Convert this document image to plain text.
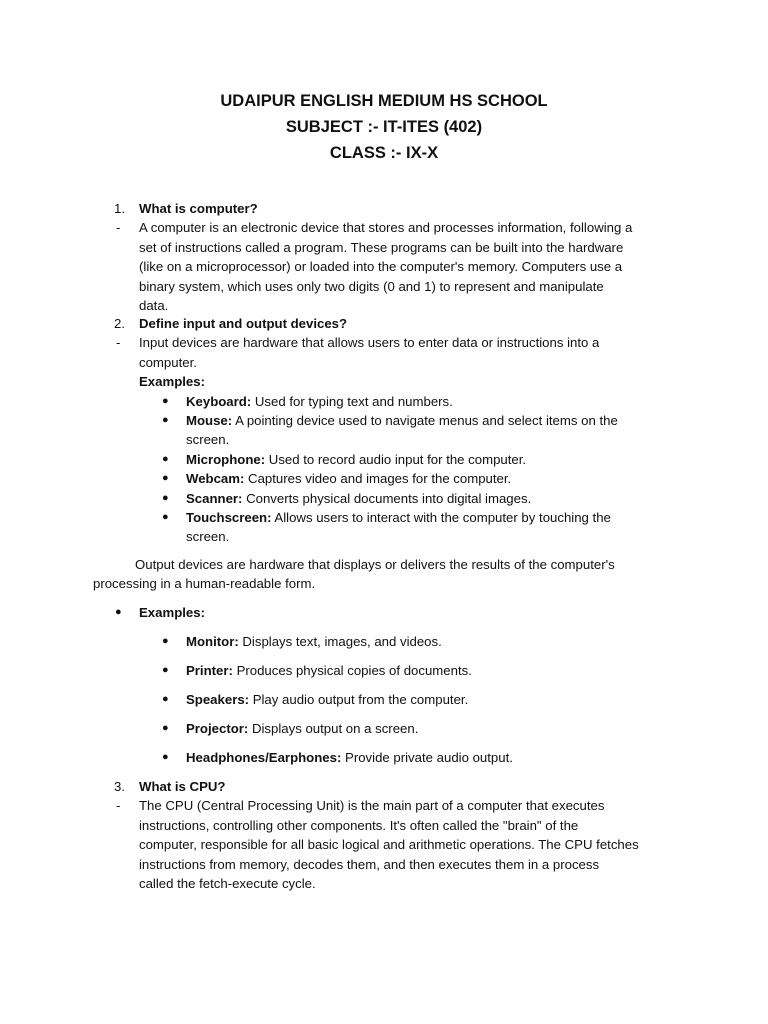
UDAIPUR ENGLISH MEDIUM HS SCHOOL
SUBJECT :- IT-ITES (402)
CLASS :- IX-X
1. What is computer?
- A computer is an electronic device that stores and processes information, following a
set of instructions called a program. These programs can be built into the hardware
(like on a microprocessor) or loaded into the computer's memory. Computers use a
binary system, which uses only two digits (0 and 1) to represent and manipulate
data.
2. Define input and output devices?
- Input devices are hardware that allows users to enter data or instructions into a
computer.
Examples:
● Keyboard: Used for typing text and numbers.
● Mouse: A pointing device used to navigate menus and select items on the
screen.
● Microphone: Used to record audio input for the computer.
● Webcam: Captures video and images for the computer.
● Scanner: Converts physical documents into digital images.
● Touchscreen: Allows users to interact with the computer by touching the
screen.
Output devices are hardware that displays or delivers the results of the computer's
processing in a human-readable form.
● Examples:
● Monitor: Displays text, images, and videos.
● Printer: Produces physical copies of documents.
● Speakers: Play audio output from the computer.
● Projector: Displays output on a screen.
● Headphones/Earphones: Provide private audio output.
3. What is CPU?
- The CPU (Central Processing Unit) is the main part of a computer that executes
instructions, controlling other components. It's often called the "brain" of the
computer, responsible for all basic logical and arithmetic operations. The CPU fetches
instructions from memory, decodes them, and then executes them in a process
called the fetch-execute cycle.
